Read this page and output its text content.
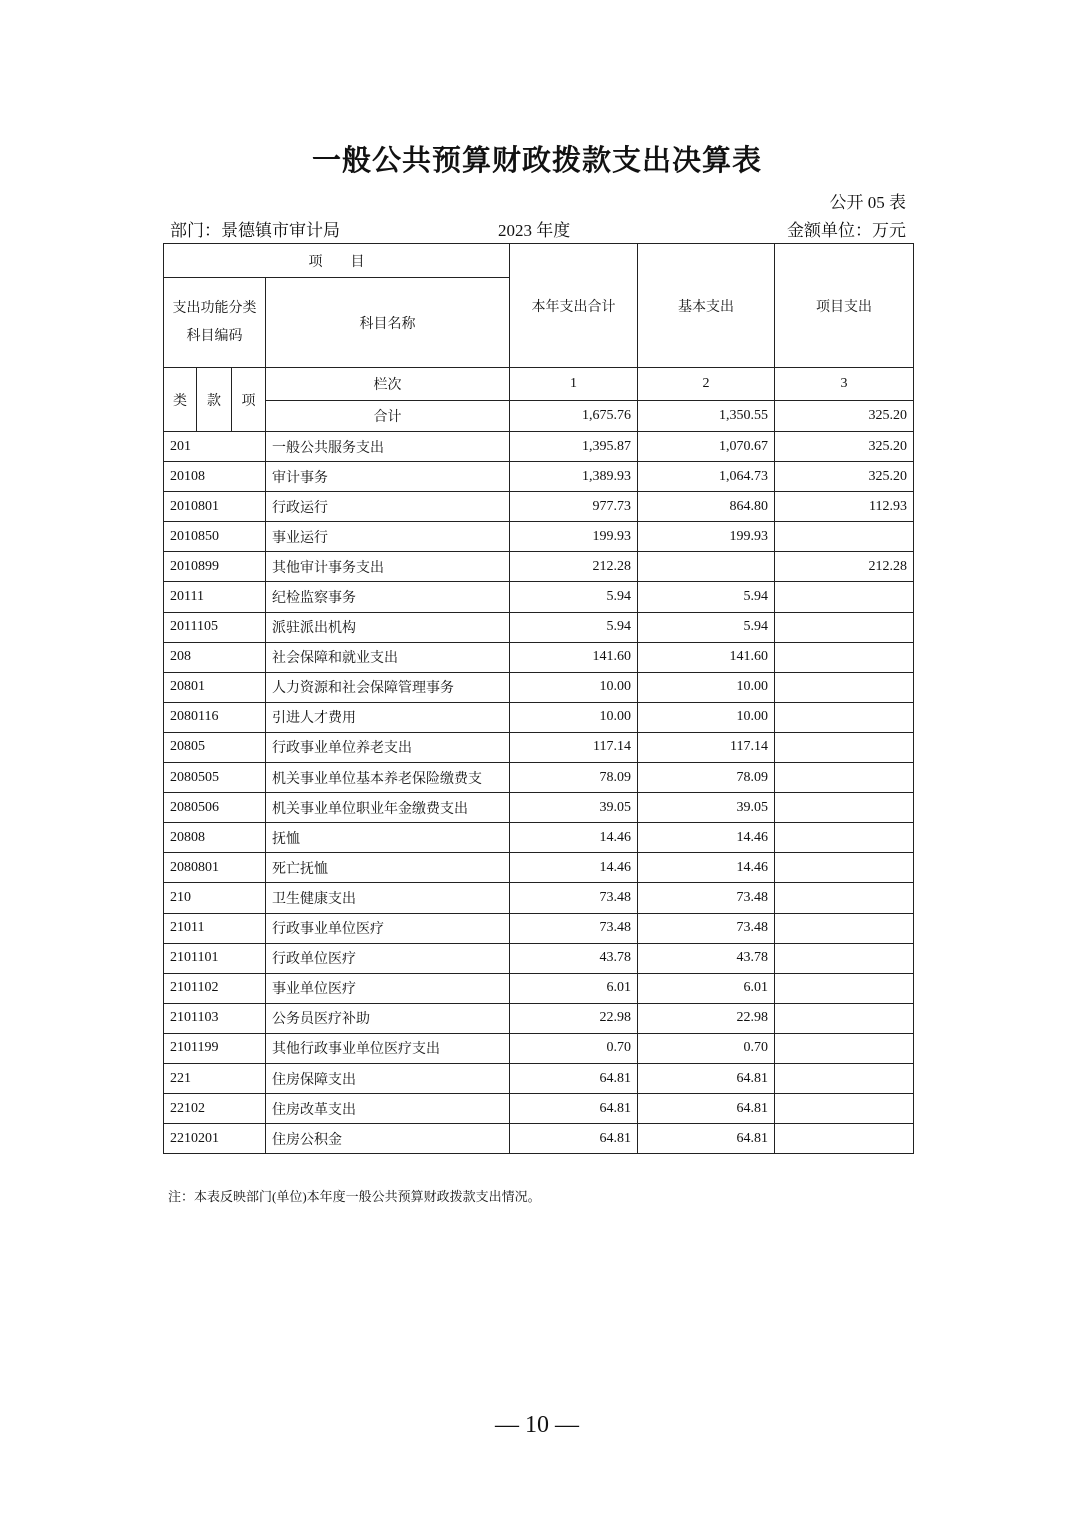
一般公共预算财政拨款支出决算表
公开 05 表
部门：景德镇市审计局	2023 年度	金额单位：万元
项　　目				本年支出合计	基本支出	项目支出
支出功能分类科目编码			科目名称			
类	款	项	栏次	1	2	3
			合计	1,675.76	1,350.55	325.20
201			一般公共服务支出	1,395.87	1,070.67	325.20
20108			审计事务	1,389.93	1,064.73	325.20
2010801			行政运行	977.73	864.80	112.93
2010850			事业运行	199.93	199.93	
2010899			其他审计事务支出	212.28		212.28
20111			纪检监察事务	5.94	5.94	
2011105			派驻派出机构	5.94	5.94	
208			社会保障和就业支出	141.60	141.60	
20801			人力资源和社会保障管理事务	10.00	10.00	
2080116			引进人才费用	10.00	10.00	
20805			行政事业单位养老支出	117.14	117.14	
2080505			机关事业单位基本养老保险缴费支	78.09	78.09	
2080506			机关事业单位职业年金缴费支出	39.05	39.05	
20808			抚恤	14.46	14.46	
2080801			死亡抚恤	14.46	14.46	
210			卫生健康支出	73.48	73.48	
21011			行政事业单位医疗	73.48	73.48	
2101101			行政单位医疗	43.78	43.78	
2101102			事业单位医疗	6.01	6.01	
2101103			公务员医疗补助	22.98	22.98	
2101199			其他行政事业单位医疗支出	0.70	0.70	
221			住房保障支出	64.81	64.81	
22102			住房改革支出	64.81	64.81	
2210201			住房公积金	64.81	64.81	
注：本表反映部门(单位)本年度一般公共预算财政拨款支出情况。
— 10 —
